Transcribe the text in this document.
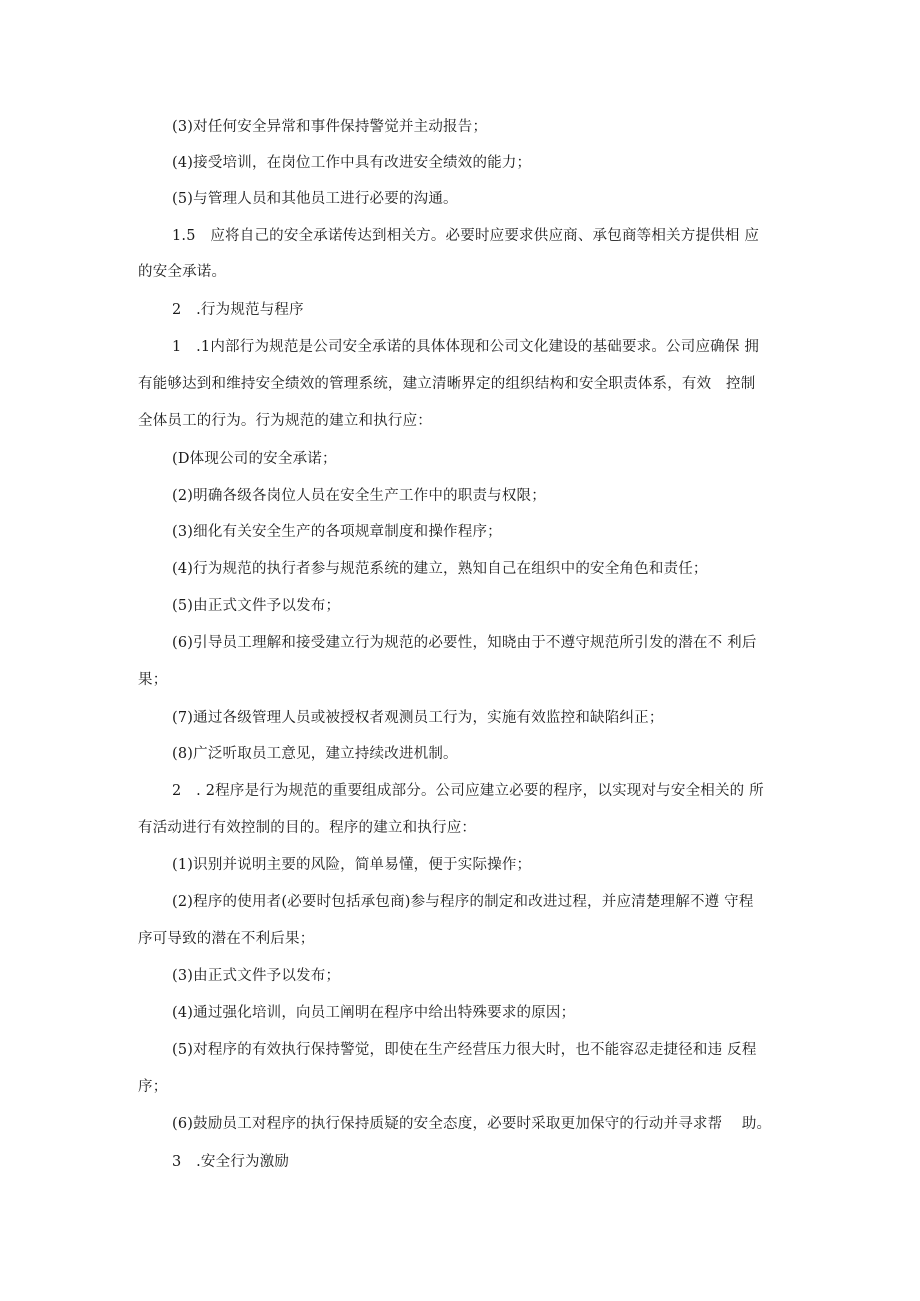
(3)对任何安全异常和事件保持警觉并主动报告；
(4)接受培训，在岗位工作中具有改进安全绩效的能力；
(5)与管理人员和其他员工进行必要的沟通。
1.5　应将自己的安全承诺传达到相关方。必要时应要求供应商、承包商等相关方提供相 应
的安全承诺。
2　.行为规范与程序
1　.1内部行为规范是公司安全承诺的具体体现和公司文化建设的基础要求。公司应确保 拥
有能够达到和维持安全绩效的管理系统，建立清晰界定的组织结构和安全职责体系，有效　控制
全体员工的行为。行为规范的建立和执行应：
(D体现公司的安全承诺；
(2)明确各级各岗位人员在安全生产工作中的职责与权限；
(3)细化有关安全生产的各项规章制度和操作程序；
(4)行为规范的执行者参与规范系统的建立，熟知自己在组织中的安全角色和责任；
(5)由正式文件予以发布；
(6)引导员工理解和接受建立行为规范的必要性，知晓由于不遵守规范所引发的潜在不 利后
果；
(7)通过各级管理人员或被授权者观测员工行为，实施有效监控和缺陷纠正；
(8)广泛听取员工意见，建立持续改进机制。
2　. 2程序是行为规范的重要组成部分。公司应建立必要的程序，以实现对与安全相关的 所
有活动进行有效控制的目的。程序的建立和执行应：
(1)识别并说明主要的风险，简单易懂，便于实际操作；
(2)程序的使用者(必要时包括承包商)参与程序的制定和改进过程，并应清楚理解不遵 守程
序可导致的潜在不利后果；
(3)由正式文件予以发布；
(4)通过强化培训，向员工阐明在程序中给出特殊要求的原因；
(5)对程序的有效执行保持警觉，即使在生产经营压力很大时，也不能容忍走捷径和违 反程
序；
(6)鼓励员工对程序的执行保持质疑的安全态度，必要时采取更加保守的行动并寻求帮　 助。
3　.安全行为激励
